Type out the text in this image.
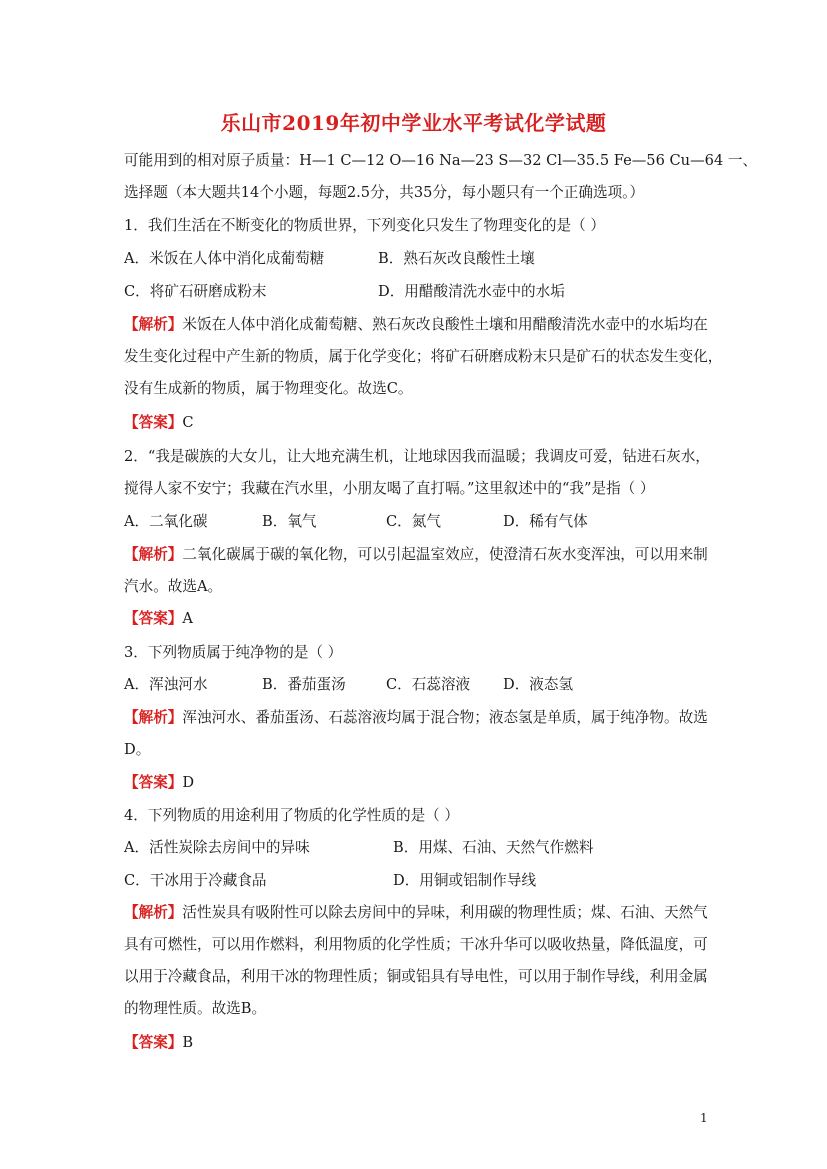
乐山市2019年初中学业水平考试化学试题
可能用到的相对原子质量：H—1 C—12 O—16 Na—23 S—32 Cl—35.5 Fe—56 Cu—64 一、
选择题（本大题共14个小题，每题2.5分，共35分，每小题只有一个正确选项。）
1．我们生活在不断变化的物质世界，下列变化只发生了物理变化的是（ ）
A．米饭在人体中消化成葡萄糖	B．熟石灰改良酸性土壤
C．将矿石研磨成粉末	D．用醋酸清洗水壶中的水垢
【解析】米饭在人体中消化成葡萄糖、熟石灰改良酸性土壤和用醋酸清洗水壶中的水垢均在
发生变化过程中产生新的物质，属于化学变化；将矿石研磨成粉末只是矿石的状态发生变化，
没有生成新的物质，属于物理变化。故选C。
【答案】C
2．“我是碳族的大女儿，让大地充满生机，让地球因我而温暖；我调皮可爱，钻进石灰水，
搅得人家不安宁；我藏在汽水里，小朋友喝了直打嗝。”这里叙述中的“我”是指（ ）
A．二氧化碳	B．氧气	C．氮气	D．稀有气体
【解析】二氧化碳属于碳的氧化物，可以引起温室效应，使澄清石灰水变浑浊，可以用来制
汽水。故选A。
【答案】A
3．下列物质属于纯净物的是（ ）
A．浑浊河水	B．番茄蛋汤	C．石蕊溶液 D．液态氢
【解析】浑浊河水、番茄蛋汤、石蕊溶液均属于混合物；液态氢是单质，属于纯净物。故选
D。
【答案】D
4．下列物质的用途利用了物质的化学性质的是（ ）
A．活性炭除去房间中的异味	B．用煤、石油、天然气作燃料
C．干冰用于冷藏食品	D．用铜或铝制作导线
【解析】活性炭具有吸附性可以除去房间中的异味，利用碳的物理性质；煤、石油、天然气
具有可燃性，可以用作燃料，利用物质的化学性质；干冰升华可以吸收热量，降低温度，可
以用于冷藏食品，利用干冰的物理性质；铜或铝具有导电性，可以用于制作导线，利用金属
的物理性质。故选B。
【答案】B
1
